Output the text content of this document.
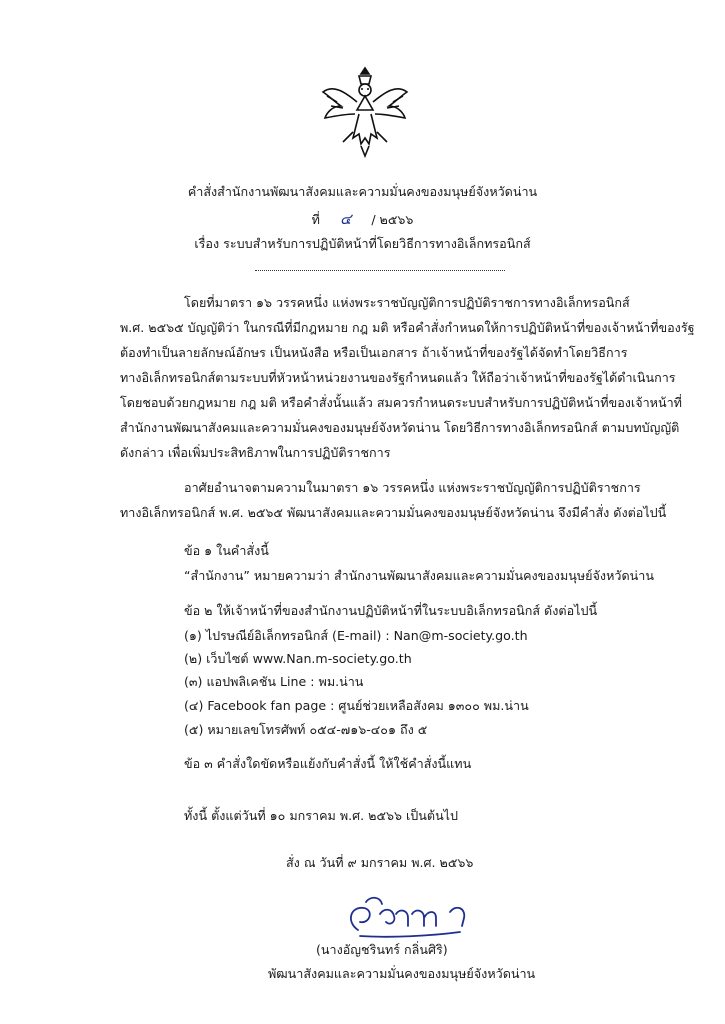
คำสั่งสำนักงานพัฒนาสังคมและความมั่นคงของมนุษย์จังหวัดน่าน
ที่ ๔ / ๒๕๖๖
เรื่อง ระบบสำหรับการปฏิบัติหน้าที่โดยวิธีการทางอิเล็กทรอนิกส์
โดยที่มาตรา ๑๖ วรรคหนึ่ง แห่งพระราชบัญญัติการปฏิบัติราชการทางอิเล็กทรอนิกส์
พ.ศ. ๒๕๖๕ บัญญัติว่า ในกรณีที่มีกฎหมาย กฎ มติ หรือคำสั่งกำหนดให้การปฏิบัติหน้าที่ของเจ้าหน้าที่ของรัฐ
ต้องทำเป็นลายลักษณ์อักษร เป็นหนังสือ หรือเป็นเอกสาร ถ้าเจ้าหน้าที่ของรัฐได้จัดทำโดยวิธีการ
ทางอิเล็กทรอนิกส์ตามระบบที่หัวหน้าหน่วยงานของรัฐกำหนดแล้ว ให้ถือว่าเจ้าหน้าที่ของรัฐได้ดำเนินการ
โดยชอบด้วยกฎหมาย กฎ มติ หรือคำสั่งนั้นแล้ว สมควรกำหนดระบบสำหรับการปฏิบัติหน้าที่ของเจ้าหน้าที่
สำนักงานพัฒนาสังคมและความมั่นคงของมนุษย์จังหวัดน่าน โดยวิธีการทางอิเล็กทรอนิกส์ ตามบทบัญญัติ
ดังกล่าว เพื่อเพิ่มประสิทธิภาพในการปฏิบัติราชการ
อาศัยอำนาจตามความในมาตรา ๑๖ วรรคหนึ่ง แห่งพระราชบัญญัติการปฏิบัติราชการ
ทางอิเล็กทรอนิกส์ พ.ศ. ๒๕๖๕ พัฒนาสังคมและความมั่นคงของมนุษย์จังหวัดน่าน จึงมีคำสั่ง ดังต่อไปนี้
ข้อ ๑ ในคำสั่งนี้
“สำนักงาน” หมายความว่า สำนักงานพัฒนาสังคมและความมั่นคงของมนุษย์จังหวัดน่าน
ข้อ ๒ ให้เจ้าหน้าที่ของสำนักงานปฏิบัติหน้าที่ในระบบอิเล็กทรอนิกส์ ดังต่อไปนี้
(๑) ไปรษณีย์อิเล็กทรอนิกส์ (E-mail) : Nan@m-society.go.th
(๒) เว็บไซต์ www.Nan.m-society.go.th
(๓) แอปพลิเคชัน Line : พม.น่าน
(๔) Facebook fan page : ศูนย์ช่วยเหลือสังคม ๑๓๐๐ พม.น่าน
(๕) หมายเลขโทรศัพท์ ๐๕๔-๗๑๖-๔๐๑ ถึง ๕
ข้อ ๓ คำสั่งใดขัดหรือแย้งกับคำสั่งนี้ ให้ใช้คำสั่งนี้แทน
ทั้งนี้ ตั้งแต่วันที่ ๑๐ มกราคม พ.ศ. ๒๕๖๖ เป็นต้นไป
สั่ง ณ วันที่ ๙ มกราคม พ.ศ. ๒๕๖๖
(นางอัญชรินทร์ กลิ่นศิริ)
พัฒนาสังคมและความมั่นคงของมนุษย์จังหวัดน่าน
